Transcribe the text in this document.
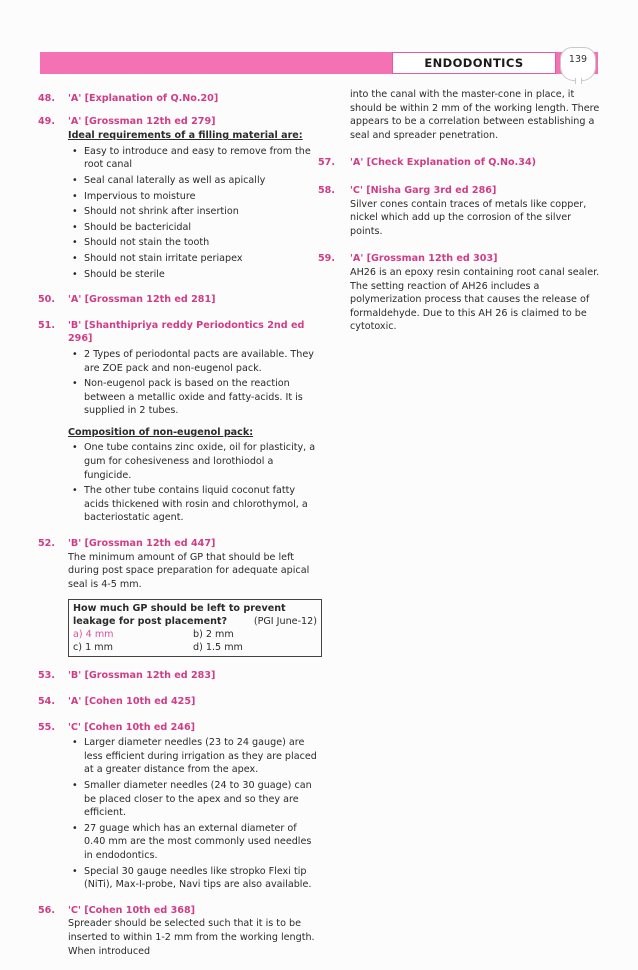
ENDODONTICS	139
48. 'A' [Explanation of Q.No.20]
49. 'A' [Grossman 12th ed 279]
Ideal requirements of a filling material are:
• Easy to introduce and easy to remove from the root canal
• Seal canal laterally as well as apically
• Impervious to moisture
• Should not shrink after insertion
• Should be bactericidal
• Should not stain the tooth
• Should not stain irritate periapex
• Should be sterile
50. 'A' [Grossman 12th ed 281]
51. 'B' [Shanthipriya reddy Periodontics 2nd ed 296]
• 2 Types of periodontal pacts are available. They are ZOE pack and non-eugenol pack.
• Non-eugenol pack is based on the reaction between a metallic oxide and fatty-acids. It is supplied in 2 tubes.
Composition of non-eugenol pack:
• One tube contains zinc oxide, oil for plasticity, a gum for cohesiveness and lorothiodol a fungicide.
• The other tube contains liquid coconut fatty acids thickened with rosin and chlorothymol, a bacteriostatic agent.
52. 'B' [Grossman 12th ed 447]
The minimum amount of GP that should be left during post space preparation for adequate apical seal is 4-5 mm.
How much GP should be left to prevent leakage for post placement?	(PGI June-12)
a) 4 mm	b) 2 mm
c) 1 mm	d) 1.5 mm
53. 'B' [Grossman 12th ed 283]
54. 'A' [Cohen 10th ed 425]
55. 'C' [Cohen 10th ed 246]
• Larger diameter needles (23 to 24 gauge) are less efficient during irrigation as they are placed at a greater distance from the apex.
• Smaller diameter needles (24 to 30 guage) can be placed closer to the apex and so they are efficient.
• 27 guage which has an external diameter of 0.40 mm are the most commonly used needles in endodontics.
• Special 30 gauge needles like stropko Flexi tip (NiTi), Max-I-probe, Navi tips are also available.
56. 'C' [Cohen 10th ed 368]
Spreader should be selected such that it is to be inserted to within 1-2 mm from the working length. When introduced
into the canal with the master-cone in place, it should be within 2 mm of the working length. There appears to be a correlation between establishing a seal and spreader penetration.
57. 'A' [Check Explanation of Q.No.34)
58. 'C' [Nisha Garg 3rd ed 286]
Silver cones contain traces of metals like copper, nickel which add up the corrosion of the silver points.
59. 'A' [Grossman 12th ed 303]
AH26 is an epoxy resin containing root canal sealer. The setting reaction of AH26 includes a polymerization process that causes the release of formaldehyde. Due to this AH 26 is claimed to be cytotoxic.
